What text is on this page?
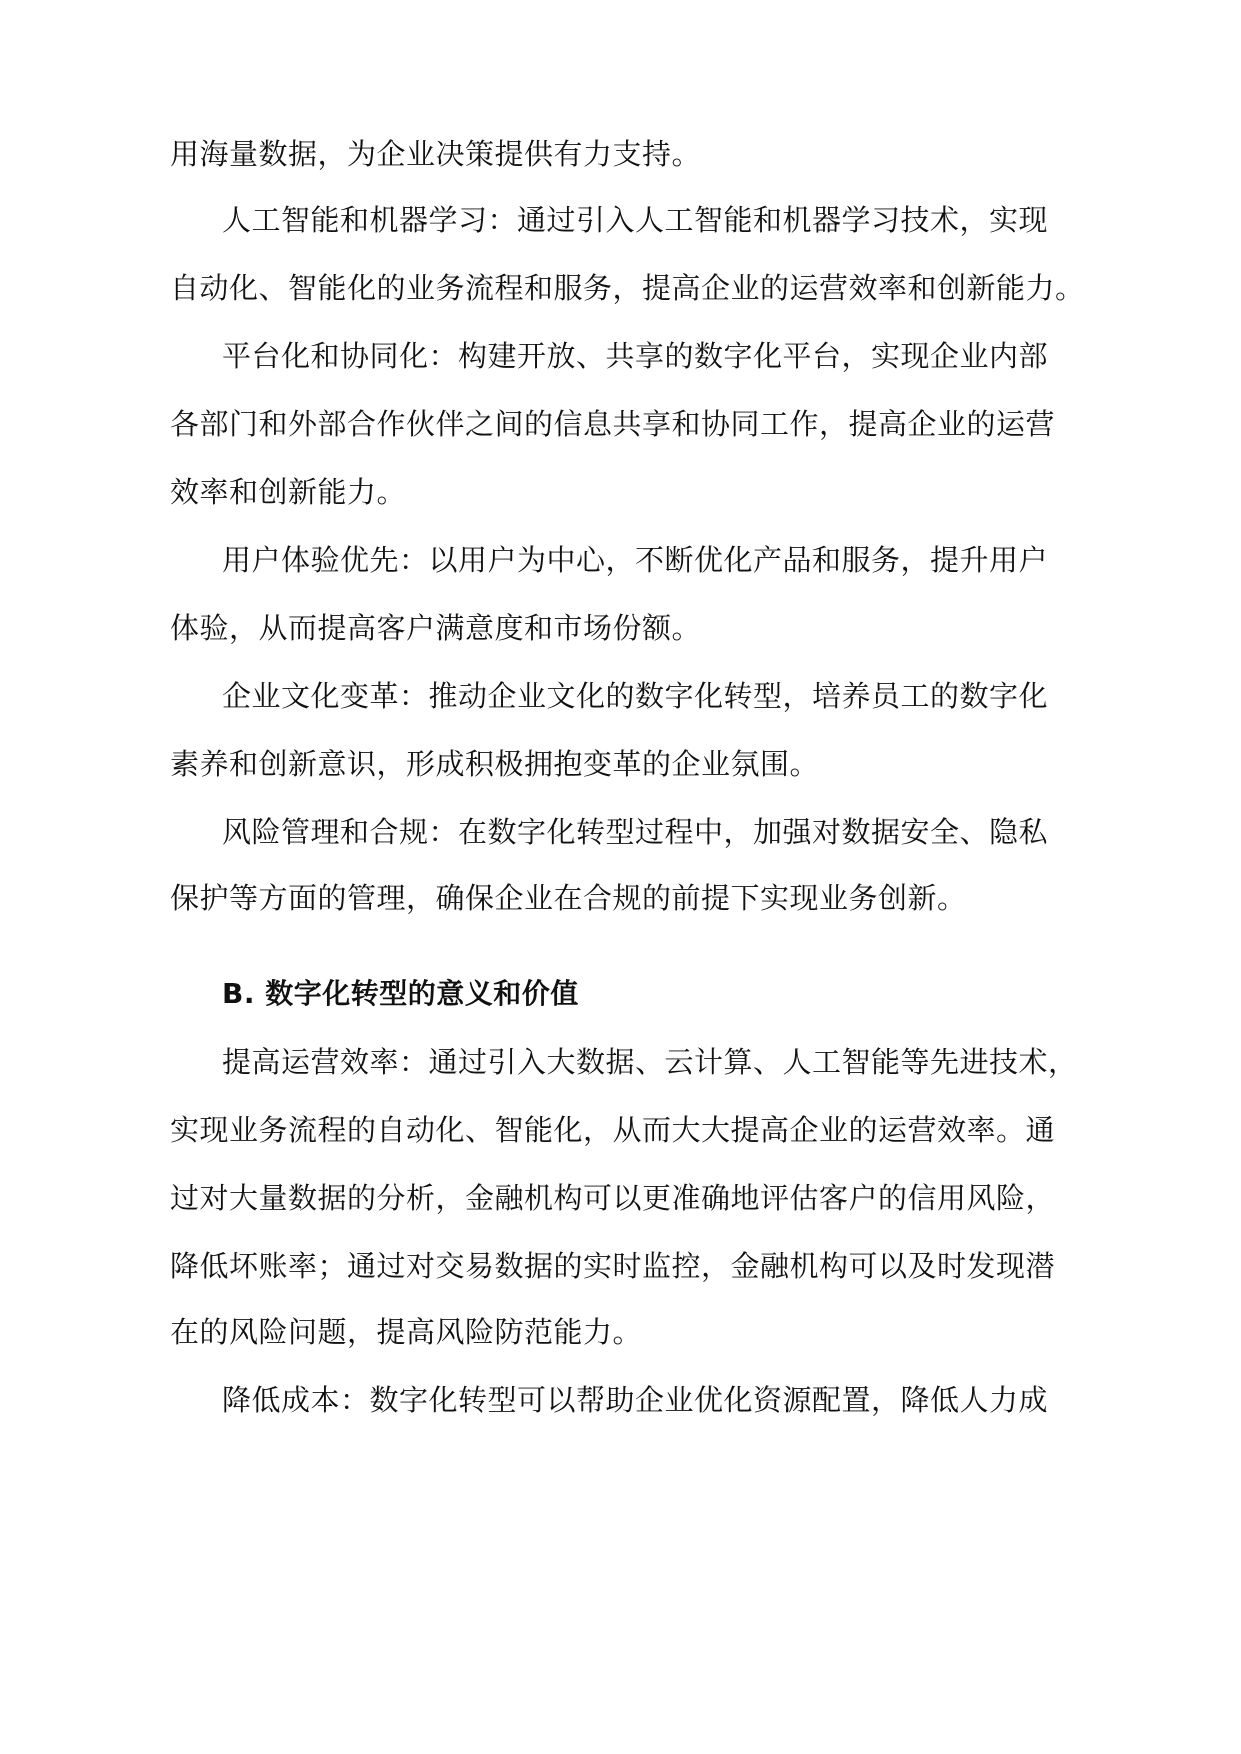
用海量数据，为企业决策提供有力支持。
人工智能和机器学习：通过引入人工智能和机器学习技术，实现
自动化、智能化的业务流程和服务，提高企业的运营效率和创新能力。
平台化和协同化：构建开放、共享的数字化平台，实现企业内部
各部门和外部合作伙伴之间的信息共享和协同工作，提高企业的运营
效率和创新能力。
用户体验优先：以用户为中心，不断优化产品和服务，提升用户
体验，从而提高客户满意度和市场份额。
企业文化变革：推动企业文化的数字化转型，培养员工的数字化
素养和创新意识，形成积极拥抱变革的企业氛围。
风险管理和合规：在数字化转型过程中，加强对数据安全、隐私
保护等方面的管理，确保企业在合规的前提下实现业务创新。
B. 数字化转型的意义和价值
提高运营效率：通过引入大数据、云计算、人工智能等先进技术，
实现业务流程的自动化、智能化，从而大大提高企业的运营效率。通
过对大量数据的分析，金融机构可以更准确地评估客户的信用风险，
降低坏账率；通过对交易数据的实时监控，金融机构可以及时发现潜
在的风险问题，提高风险防范能力。
降低成本：数字化转型可以帮助企业优化资源配置，降低人力成
